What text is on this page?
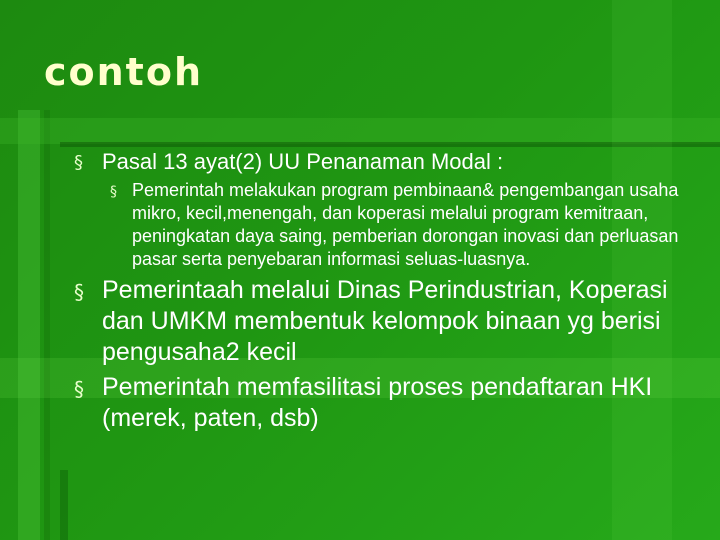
contoh
§ Pasal 13 ayat(2) UU Penanaman Modal :
§ Pemerintah melakukan program pembinaan& pengembangan usaha mikro, kecil,menengah, dan koperasi melalui program kemitraan, peningkatan daya saing, pemberian dorongan inovasi dan perluasan pasar serta penyebaran informasi seluas-luasnya.
§ Pemerintaah melalui Dinas Perindustrian, Koperasi dan UMKM membentuk kelompok binaan yg berisi pengusaha2 kecil
§ Pemerintah memfasilitasi proses pendaftaran HKI (merek, paten, dsb)
